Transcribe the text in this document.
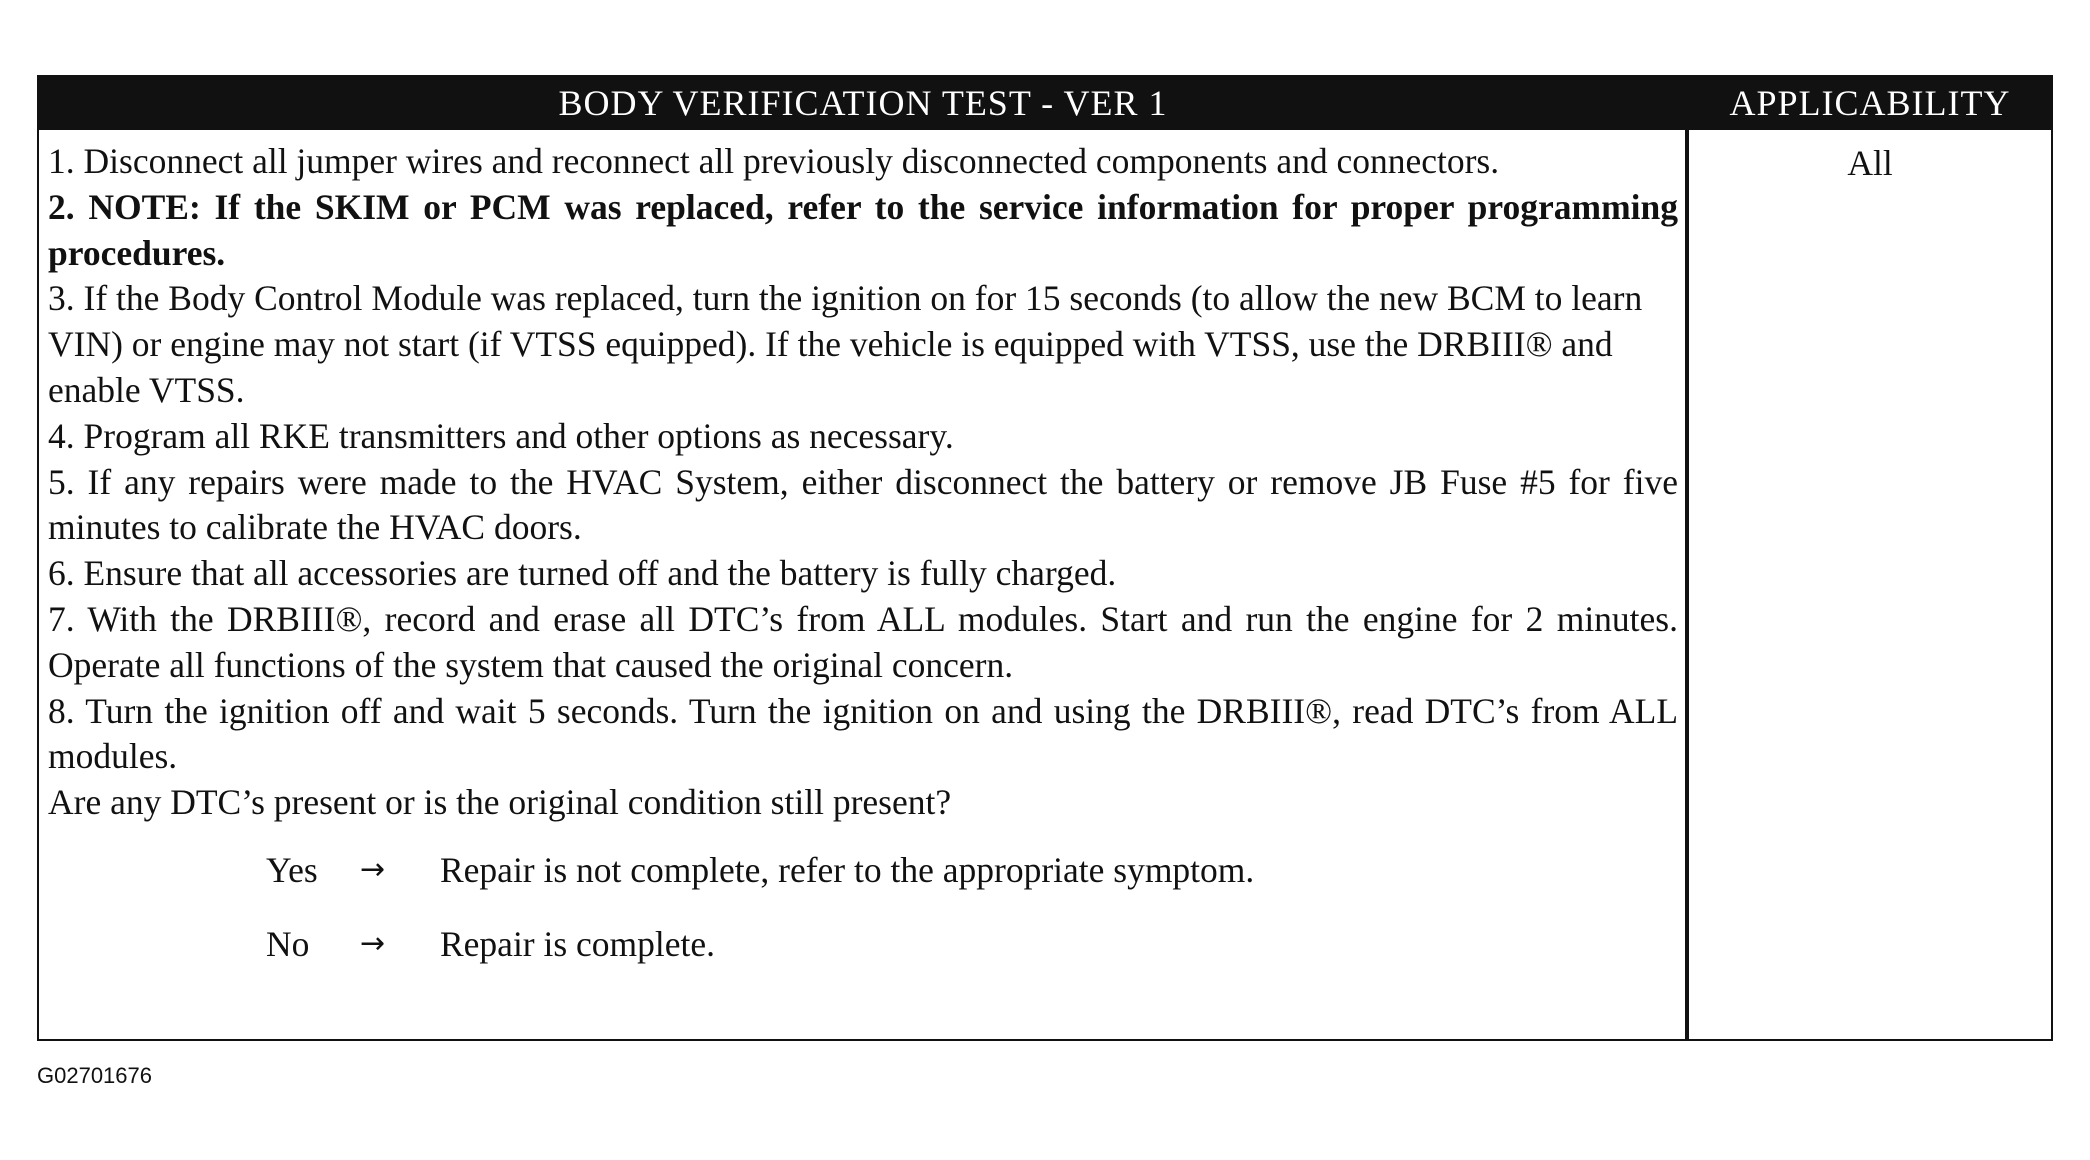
BODY VERIFICATION TEST - VER 1	APPLICABILITY

1. Disconnect all jumper wires and reconnect all previously disconnected components and connectors.

2. NOTE: If the SKIM or PCM was replaced, refer to the service information for proper programming procedures.

3. If the Body Control Module was replaced, turn the ignition on for 15 seconds (to allow the new BCM to learn VIN) or engine may not start (if VTSS equipped). If the vehicle is equipped with VTSS, use the DRBIII® and enable VTSS.

4. Program all RKE transmitters and other options as necessary.

5. If any repairs were made to the HVAC System, either disconnect the battery or remove JB Fuse #5 for five minutes to calibrate the HVAC doors.

6. Ensure that all accessories are turned off and the battery is fully charged.

7. With the DRBIII®, record and erase all DTC’s from ALL modules. Start and run the engine for 2 minutes. Operate all functions of the system that caused the original concern.

8. Turn the ignition off and wait 5 seconds. Turn the ignition on and using the DRBIII®, read DTC’s from ALL modules.

Are any DTC’s present or is the original condition still present?

Yes → Repair is not complete, refer to the appropriate symptom.
No → Repair is complete.
All
G02701676
